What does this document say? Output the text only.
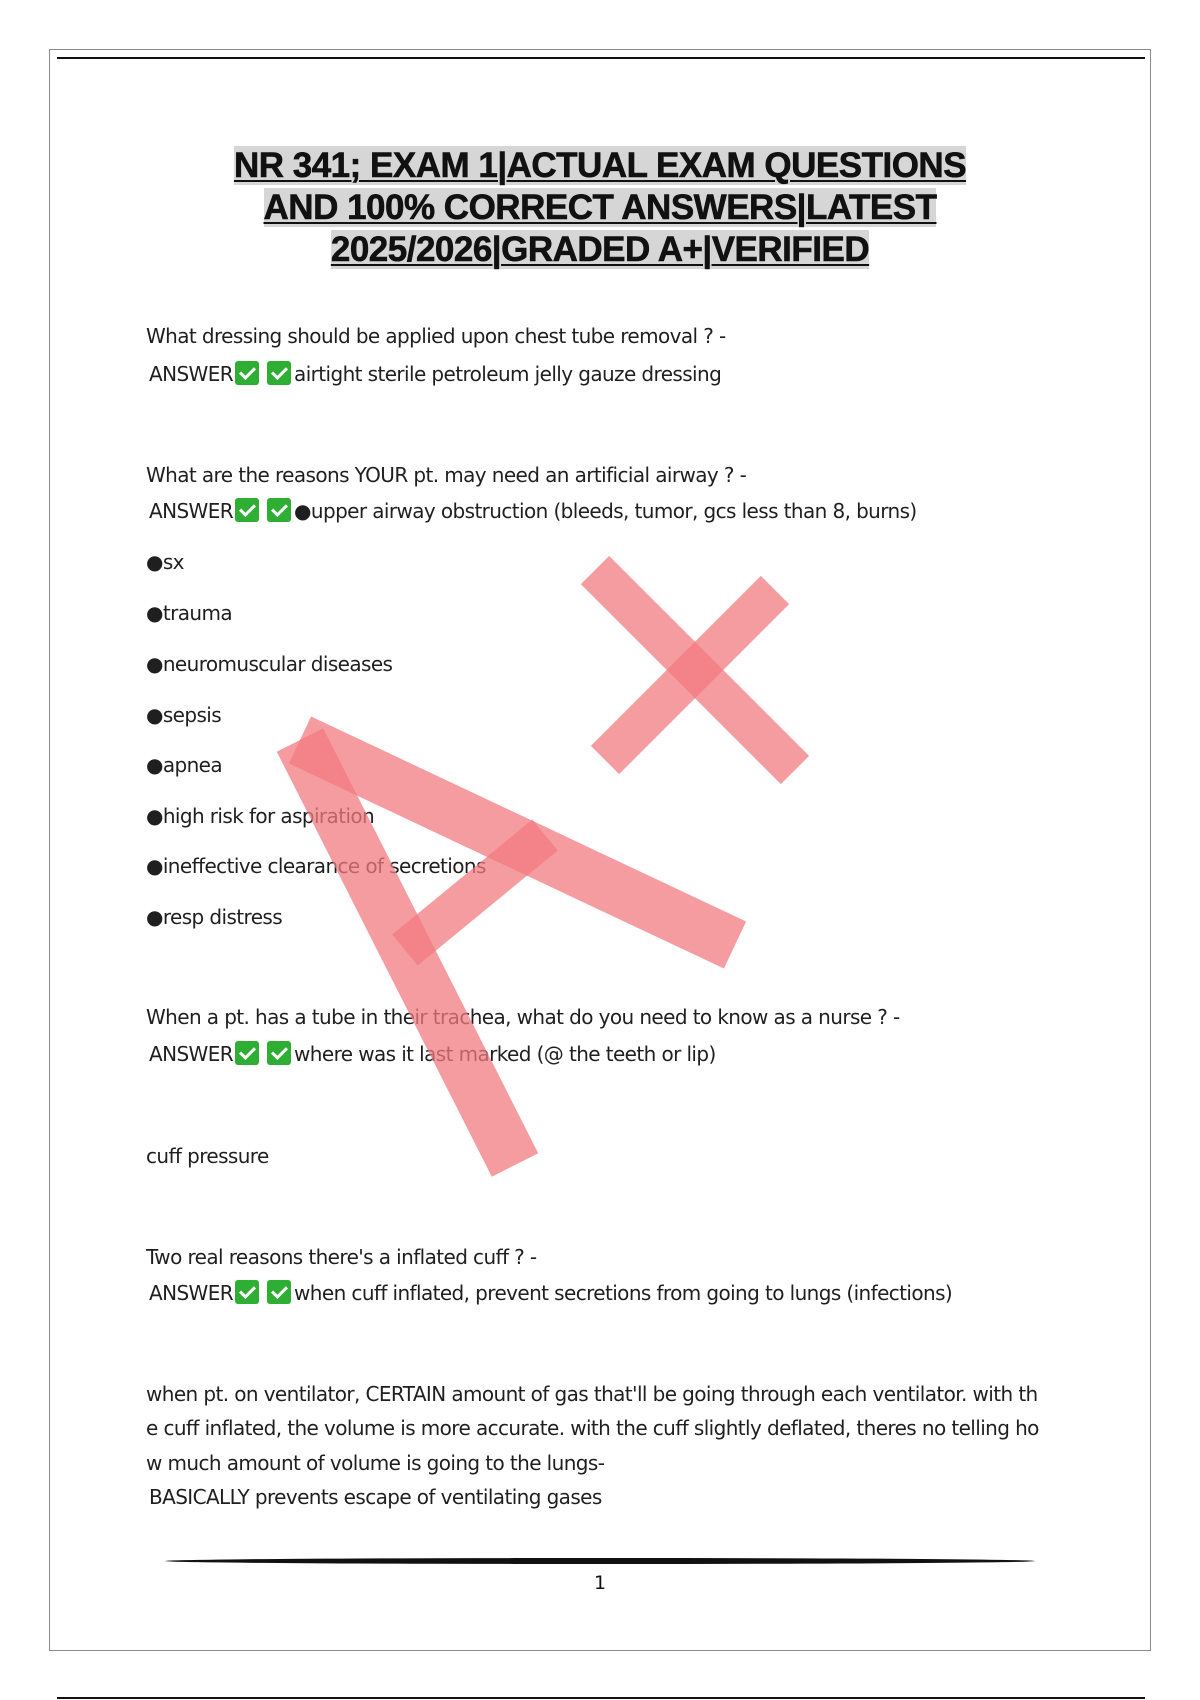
NR 341; EXAM 1|ACTUAL EXAM QUESTIONS
AND 100% CORRECT ANSWERS|LATEST
2025/2026|GRADED A+|VERIFIED
What dressing should be applied upon chest tube removal ? -
ANSWER	airtight sterile petroleum jelly gauze dressing
What are the reasons YOUR pt. may need an artificial airway ? -
ANSWER	●upper airway obstruction (bleeds, tumor, gcs less than 8, burns)
●sx
●trauma
●neuromuscular diseases
●sepsis
●apnea
●high risk for aspiration
●ineffective clearance of secretions
●resp distress
When a pt. has a tube in their trachea, what do you need to know as a nurse ? -
ANSWER	where was it last marked (@ the teeth or lip)
cuff pressure
Two real reasons there's a inflated cuff ? -
ANSWER	when cuff inflated, prevent secretions from going to lungs (infections)
when pt. on ventilator, CERTAIN amount of gas that'll be going through each ventilator. with th
e cuff inflated, the volume is more accurate. with the cuff slightly deflated, theres no telling ho
w much amount of volume is going to the lungs-
BASICALLY prevents escape of ventilating gases
1
